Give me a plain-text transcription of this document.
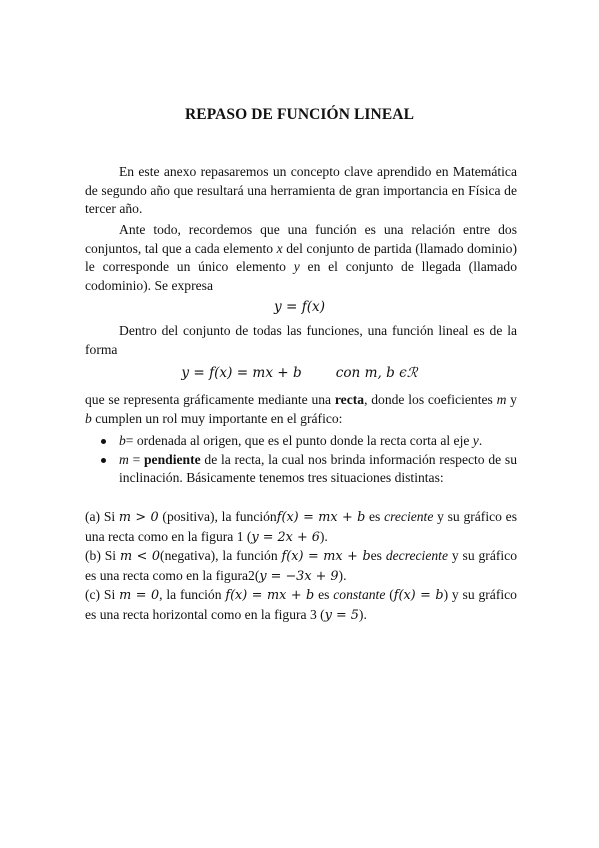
REPASO DE FUNCIÓN LINEAL

En este anexo repasaremos un concepto clave aprendido en Matemática de segundo año que resultará una herramienta de gran importancia en Física de tercer año.

Ante todo, recordemos que una función es una relación entre dos conjuntos, tal que a cada elemento x del conjunto de partida (llamado dominio) le corresponde un único elemento y en el conjunto de llegada (llamado codominio). Se expresa

y = f(x)

Dentro del conjunto de todas las funciones, una función lineal es de la forma

y = f(x) = mx + b	con m, b ϵℛ

que se representa gráficamente mediante una recta, donde los coeficientes m y b cumplen un rol muy importante en el gráfico:

b= ordenada al origen, que es el punto donde la recta corta al eje y.
m = pendiente de la recta, la cual nos brinda información respecto de su inclinación. Básicamente tenemos tres situaciones distintas:

(a) Si m > 0 (positiva), la funciónf(x) = mx + b es creciente y su gráfico es una recta como en la figura 1 (y = 2x + 6).

(b) Si m < 0(negativa), la función f(x) = mx + bes decreciente y su gráfico es una recta como en la figura2(y = −3x + 9).

(c) Si m = 0, la función f(x) = mx + b es constante (f(x) = b) y su gráfico es una recta horizontal como en la figura 3 (y = 5).
